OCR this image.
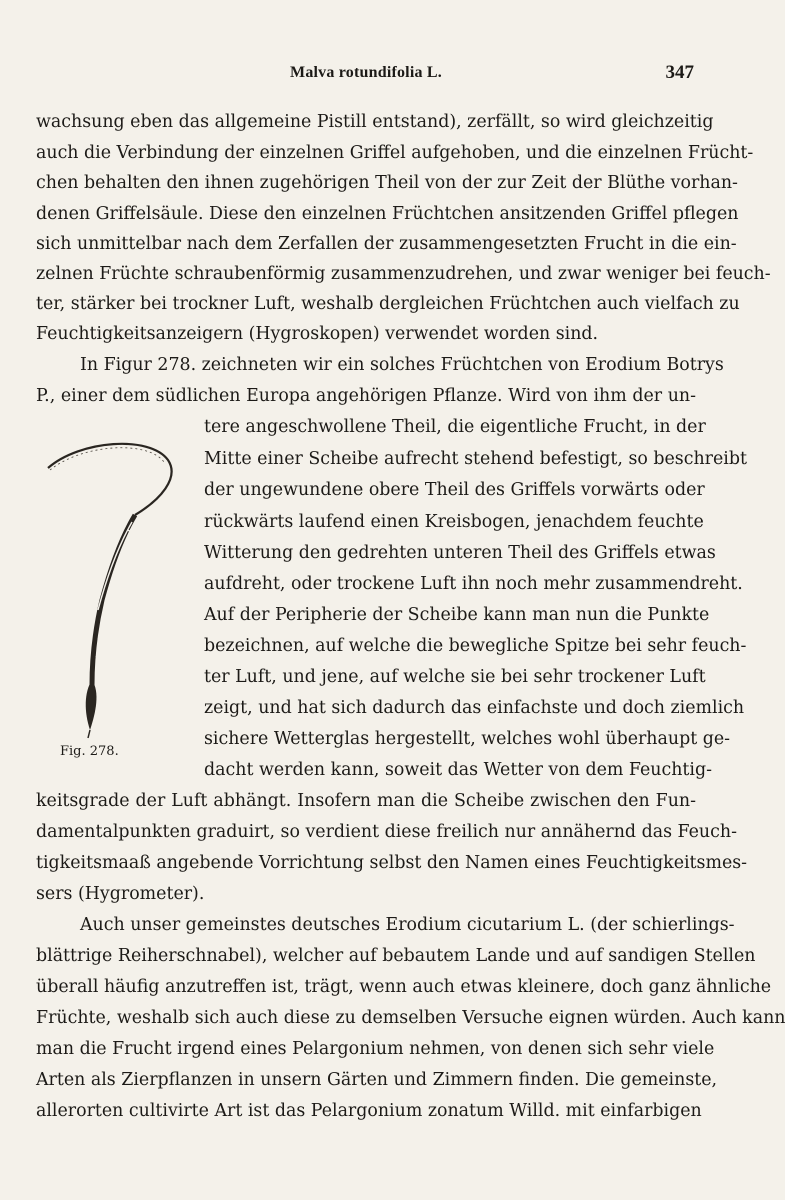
Malva rotundifolia L.	347
Fig. 278.
wachsung eben das allgemeine Pistill entstand), zerfällt, so wird gleichzeitig
auch die Verbindung der einzelnen Griffel aufgehoben, und die einzelnen Frücht-
chen behalten den ihnen zugehörigen Theil von der zur Zeit der Blüthe vorhan-
denen Griffelsäule. Diese den einzelnen Früchtchen ansitzenden Griffel pflegen
sich unmittelbar nach dem Zerfallen der zusammengesetzten Frucht in die ein-
zelnen Früchte schraubenförmig zusammenzudrehen, und zwar weniger bei feuch-
ter, stärker bei trockner Luft, weshalb dergleichen Früchtchen auch vielfach zu
Feuchtigkeitsanzeigern (Hygroskopen) verwendet worden sind.
In Figur 278. zeichneten wir ein solches Früchtchen von Erodium Botrys
P., einer dem südlichen Europa angehörigen Pflanze. Wird von ihm der un-
tere angeschwollene Theil, die eigentliche Frucht, in der
Mitte einer Scheibe aufrecht stehend befestigt, so beschreibt
der ungewundene obere Theil des Griffels vorwärts oder
rückwärts laufend einen Kreisbogen, jenachdem feuchte
Witterung den gedrehten unteren Theil des Griffels etwas
aufdreht, oder trockene Luft ihn noch mehr zusammendreht.
Auf der Peripherie der Scheibe kann man nun die Punkte
bezeichnen, auf welche die bewegliche Spitze bei sehr feuch-
ter Luft, und jene, auf welche sie bei sehr trockener Luft
zeigt, und hat sich dadurch das einfachste und doch ziemlich
sichere Wetterglas hergestellt, welches wohl überhaupt ge-
dacht werden kann, soweit das Wetter von dem Feuchtig-
keitsgrade der Luft abhängt. Insofern man die Scheibe zwischen den Fun-
damentalpunkten graduirt, so verdient diese freilich nur annähernd das Feuch-
tigkeitsmaaß angebende Vorrichtung selbst den Namen eines Feuchtigkeitsmes-
sers (Hygrometer).
Auch unser gemeinstes deutsches Erodium cicutarium L. (der schierlings-
blättrige Reiherschnabel), welcher auf bebautem Lande und auf sandigen Stellen
überall häufig anzutreffen ist, trägt, wenn auch etwas kleinere, doch ganz ähnliche
Früchte, weshalb sich auch diese zu demselben Versuche eignen würden. Auch kann
man die Frucht irgend eines Pelargonium nehmen, von denen sich sehr viele
Arten als Zierpflanzen in unsern Gärten und Zimmern finden. Die gemeinste,
allerorten cultivirte Art ist das Pelargonium zonatum Willd. mit einfarbigen
